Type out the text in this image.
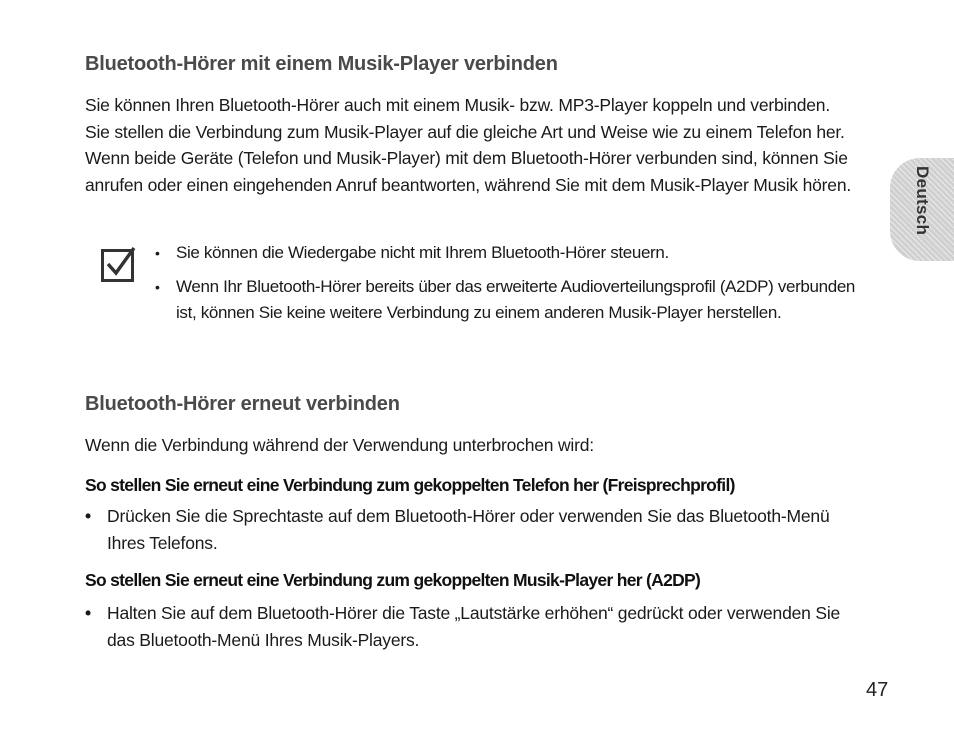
Bluetooth-Hörer mit einem Musik-Player verbinden

Sie können Ihren Bluetooth-Hörer auch mit einem Musik- bzw. MP3-Player koppeln und verbinden. Sie stellen die Verbindung zum Musik-Player auf die gleiche Art und Weise wie zu einem Telefon her. Wenn beide Geräte (Telefon und Musik-Player) mit dem Bluetooth-Hörer verbunden sind, können Sie anrufen oder einen eingehenden Anruf beantworten, während Sie mit dem Musik-Player Musik hören.

• Sie können die Wiedergabe nicht mit Ihrem Bluetooth-Hörer steuern.
• Wenn Ihr Bluetooth-Hörer bereits über das erweiterte Audioverteilungsprofil (A2DP) verbunden ist, können Sie keine weitere Verbindung zu einem anderen Musik-Player herstellen.
Bluetooth-Hörer erneut verbinden

Wenn die Verbindung während der Verwendung unterbrochen wird:

So stellen Sie erneut eine Verbindung zum gekoppelten Telefon her (Freisprechprofil)
• Drücken Sie die Sprechtaste auf dem Bluetooth-Hörer oder verwenden Sie das Bluetooth-Menü Ihres Telefons.
So stellen Sie erneut eine Verbindung zum gekoppelten Musik-Player her (A2DP)
• Halten Sie auf dem Bluetooth-Hörer die Taste „Lautstärke erhöhen“ gedrückt oder verwenden Sie das Bluetooth-Menü Ihres Musik-Players.
Deutsch
47
